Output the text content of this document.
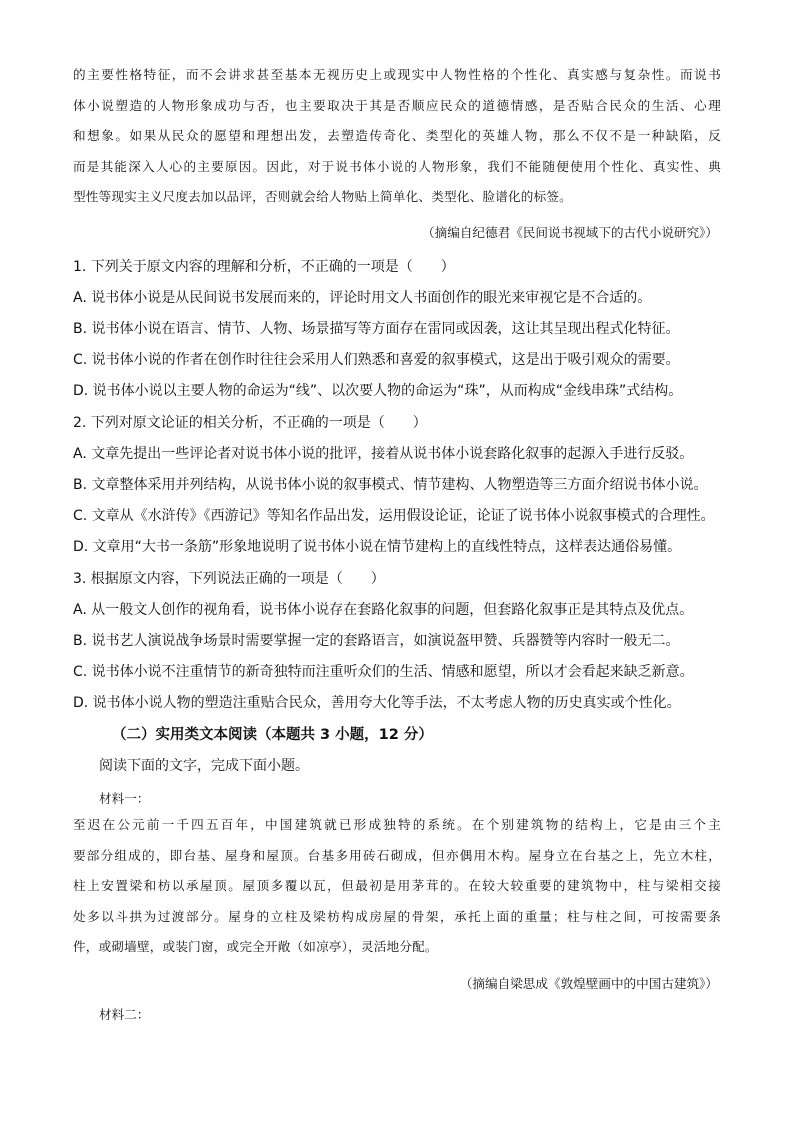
的主要性格特征，而不会讲求甚至基本无视历史上或现实中人物性格的个性化、真实感与复杂性。而说书
体小说塑造的人物形象成功与否，也主要取决于其是否顺应民众的道德情感，是否贴合民众的生活、心理
和想象。如果从民众的愿望和理想出发，去塑造传奇化、类型化的英雄人物，那么不仅不是一种缺陷，反
而是其能深入人心的主要原因。因此，对于说书体小说的人物形象，我们不能随便使用个性化、真实性、典
型性等现实主义尺度去加以品评，否则就会给人物贴上简单化、类型化、脸谱化的标签。
（摘编自纪德君《民间说书视域下的古代小说研究》）
1. 下列关于原文内容的理解和分析，不正确的一项是（　　）
A. 说书体小说是从民间说书发展而来的，评论时用文人书面创作的眼光来审视它是不合适的。
B. 说书体小说在语言、情节、人物、场景描写等方面存在雷同或因袭，这让其呈现出程式化特征。
C. 说书体小说的作者在创作时往往会采用人们熟悉和喜爱的叙事模式，这是出于吸引观众的需要。
D. 说书体小说以主要人物的命运为“线”、以次要人物的命运为“珠”，从而构成“金线串珠”式结构。
2. 下列对原文论证的相关分析，不正确的一项是（　　）
A. 文章先提出一些评论者对说书体小说的批评，接着从说书体小说套路化叙事的起源入手进行反驳。
B. 文章整体采用并列结构，从说书体小说的叙事模式、情节建构、人物塑造等三方面介绍说书体小说。
C. 文章从《水浒传》《西游记》等知名作品出发，运用假设论证，论证了说书体小说叙事模式的合理性。
D. 文章用“大书一条筋”形象地说明了说书体小说在情节建构上的直线性特点，这样表达通俗易懂。
3. 根据原文内容，下列说法正确的一项是（　　）
A. 从一般文人创作的视角看，说书体小说存在套路化叙事的问题，但套路化叙事正是其特点及优点。
B. 说书艺人演说战争场景时需要掌握一定的套路语言，如演说盔甲赞、兵器赞等内容时一般无二。
C. 说书体小说不注重情节的新奇独特而注重听众们的生活、情感和愿望，所以才会看起来缺乏新意。
D. 说书体小说人物的塑造注重贴合民众，善用夸大化等手法，不太考虑人物的历史真实或个性化。
（二）实用类文本阅读（本题共 3 小题，12 分）
阅读下面的文字，完成下面小题。
材料一：
至迟在公元前一千四五百年，中国建筑就已形成独特的系统。在个别建筑物的结构上，它是由三个主
要部分组成的，即台基、屋身和屋顶。台基多用砖石砌成，但亦偶用木构。屋身立在台基之上，先立木柱，
柱上安置梁和枋以承屋顶。屋顶多覆以瓦，但最初是用茅茸的。在较大较重要的建筑物中，柱与梁相交接
处多以斗拱为过渡部分。屋身的立柱及梁枋构成房屋的骨架，承托上面的重量；柱与柱之间，可按需要条
件，或砌墙壁，或装门窗，或完全开敞（如凉亭），灵活地分配。
（摘编自梁思成《敦煌壁画中的中国古建筑》）
材料二：
